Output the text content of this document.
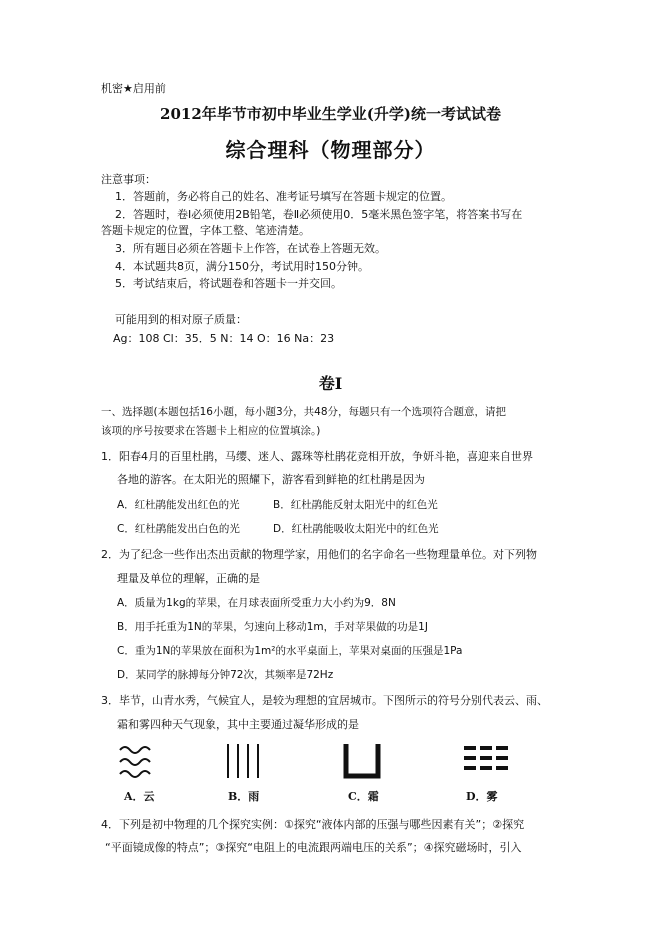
机密★启用前
2012年毕节市初中毕业生学业(升学)统一考试试卷
综合理科（物理部分）
注意事项：
1．答题前，务必将自己的姓名、准考证号填写在答题卡规定的位置。
2．答题时，卷Ⅰ必须使用2B铅笔，卷Ⅱ必须使用0．5毫米黑色签字笔，将答案书写在
答题卡规定的位置，字体工整、笔迹清楚。
3．所有题目必须在答题卡上作答，在试卷上答题无效。
4．本试题共8页，满分150分，考试用时150分钟。
5．考试结束后，将试题卷和答题卡一并交回。
可能用到的相对原子质量：
Ag：108 Cl：35．5 N：14 O：16 Na：23
卷Ⅰ
一、选择题(本题包括16小题，每小题3分，共48分，每题只有一个选项符合题意，请把
该项的序号按要求在答题卡上相应的位置填涂。)
1．阳春4月的百里杜鹃，马缨、迷人、露珠等杜鹃花竞相开放，争妍斗艳，喜迎来自世界
各地的游客。在太阳光的照耀下，游客看到鲜艳的红杜鹃是因为
A．红杜鹃能发出红色的光	B．红杜鹃能反射太阳光中的红色光
C．红杜鹃能发出白色的光	D．红杜鹃能吸收太阳光中的红色光
2．为了纪念一些作出杰出贡献的物理学家，用他们的名字命名一些物理量单位。对下列物
理量及单位的理解，正确的是
A．质量为1kg的苹果，在月球表面所受重力大小约为9．8N
B．用手托重为1N的苹果，匀速向上移动1m，手对苹果做的功是1J
C．重为1N的苹果放在面积为1m²的水平桌面上，苹果对桌面的压强是1Pa
D．某同学的脉搏每分钟72次，其频率是72Hz
3．毕节，山青水秀，气候宜人，是较为理想的宜居城市。下图所示的符号分别代表云、雨、
霜和雾四种天气现象，其中主要通过凝华形成的是
A．云	B．雨	C．霜	D．雾
4．下列是初中物理的几个探究实例：①探究“液体内部的压强与哪些因素有关”；②探究
“平面镜成像的特点”；③探究“电阻上的电流跟两端电压的关系”；④探究磁场时，引入
